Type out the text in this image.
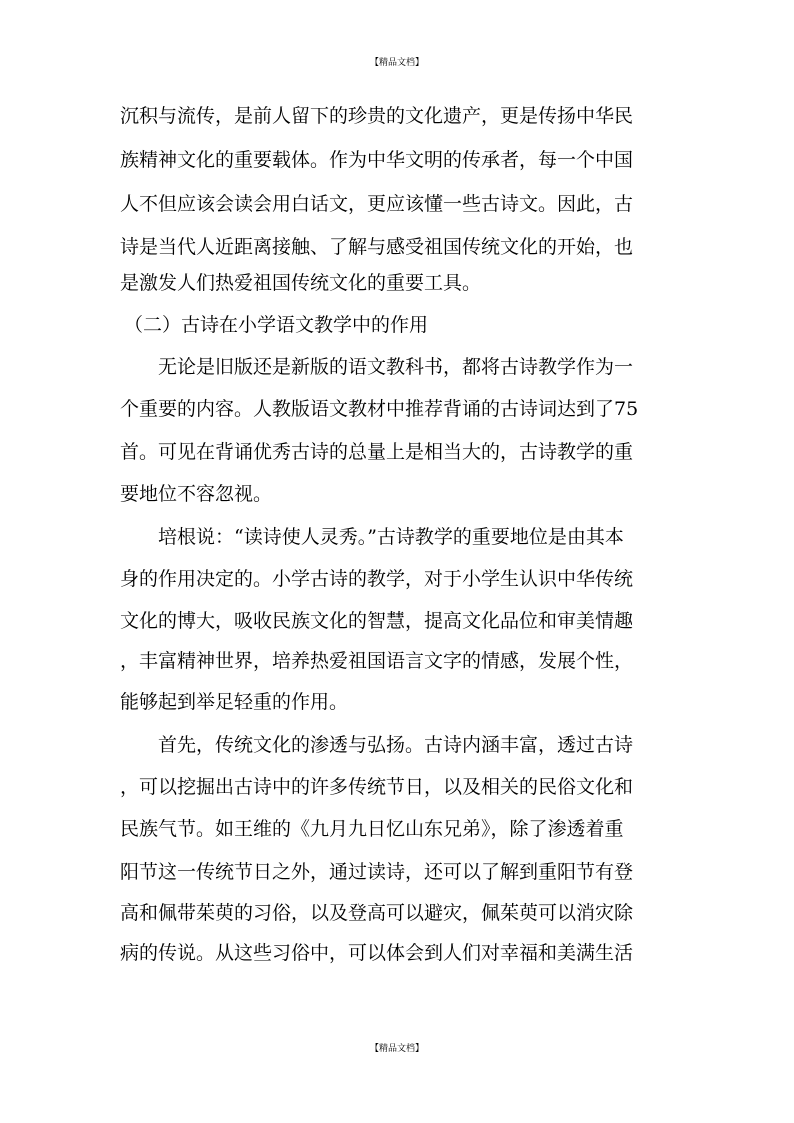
【精品文档】
沉积与流传，是前人留下的珍贵的文化遗产，更是传扬中华民
族精神文化的重要载体。作为中华文明的传承者，每一个中国
人不但应该会读会用白话文，更应该懂一些古诗文。因此，古
诗是当代人近距离接触、了解与感受祖国传统文化的开始，也
是激发人们热爱祖国传统文化的重要工具。
（二）古诗在小学语文教学中的作用
无论是旧版还是新版的语文教科书，都将古诗教学作为一
个重要的内容。人教版语文教材中推荐背诵的古诗词达到了75
首。可见在背诵优秀古诗的总量上是相当大的，古诗教学的重
要地位不容忽视。
培根说：“读诗使人灵秀。”古诗教学的重要地位是由其本
身的作用决定的。小学古诗的教学，对于小学生认识中华传统
文化的博大，吸收民族文化的智慧，提高文化品位和审美情趣
，丰富精神世界，培养热爱祖国语言文字的情感，发展个性，
能够起到举足轻重的作用。
首先，传统文化的渗透与弘扬。古诗内涵丰富，透过古诗
，可以挖掘出古诗中的许多传统节日，以及相关的民俗文化和
民族气节。如王维的《九月九日忆山东兄弟》，除了渗透着重
阳节这一传统节日之外，通过读诗，还可以了解到重阳节有登
高和佩带茱萸的习俗，以及登高可以避灾，佩茱萸可以消灾除
病的传说。从这些习俗中，可以体会到人们对幸福和美满生活
【精品文档】
